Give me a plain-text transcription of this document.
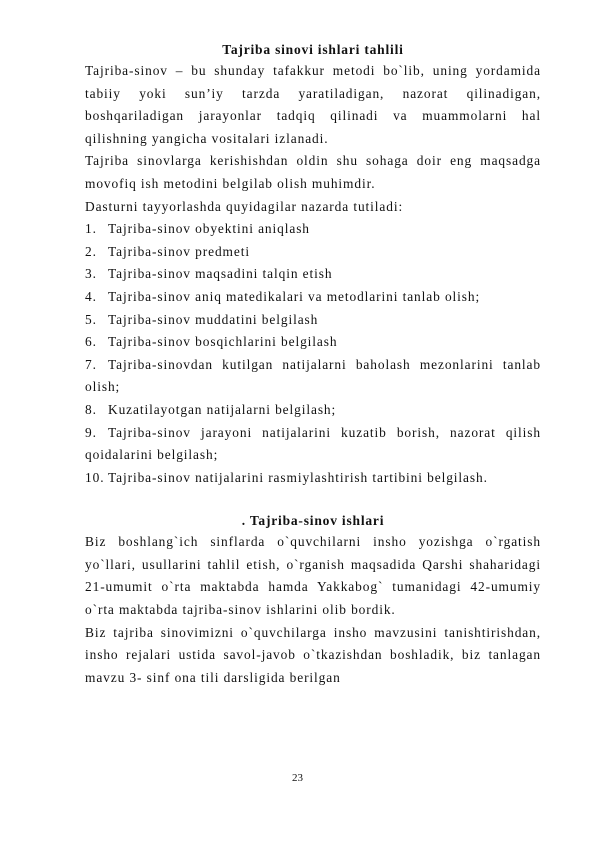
Tajriba sinovi ishlari tahlili

Tajriba-sinov – bu shunday tafakkur metodi bo`lib, uning yordamida tabiiy yoki sun’iy tarzda yaratiladigan, nazorat qilinadigan, boshqariladigan jarayonlar tadqiq qilinadi va muammolarni hal qilishning yangicha vositalari izlanadi.

Tajriba sinovlarga kerishishdan oldin shu sohaga doir eng maqsadga movofiq ish metodini belgilab olish muhimdir.

Dasturni tayyorlashda quyidagilar nazarda tutiladi:

1. Tajriba-sinov obyektini aniqlash
2. Tajriba-sinov predmeti
3. Tajriba-sinov maqsadini talqin etish
4. Tajriba-sinov aniq matedikalari va metodlarini tanlab olish;
5. Tajriba-sinov muddatini belgilash
6. Tajriba-sinov bosqichlarini belgilash
7. Tajriba-sinovdan kutilgan natijalarni baholash mezonlarini tanlab olish;
8. Kuzatilayotgan natijalarni belgilash;
9. Tajriba-sinov jarayoni natijalarini kuzatib borish, nazorat qilish qoidalarini belgilash;
10. Tajriba-sinov natijalarini rasmiylashtirish tartibini belgilash.

. Tajriba-sinov ishlari

Biz boshlang`ich sinflarda o`quvchilarni insho yozishga o`rgatish yo`llari, usullarini tahlil etish, o`rganish maqsadida Qarshi shaharidagi 21-umumit o`rta maktabda hamda Yakkabog` tumanidagi 42-umumiy o`rta maktabda tajriba-sinov ishlarini olib bordik.

Biz tajriba sinovimizni o`quvchilarga insho mavzusini tanishtirishdan, insho rejalari ustida savol-javob o`tkazishdan boshladik, biz tanlagan mavzu 3- sinf ona tili darsligida berilgan

23
